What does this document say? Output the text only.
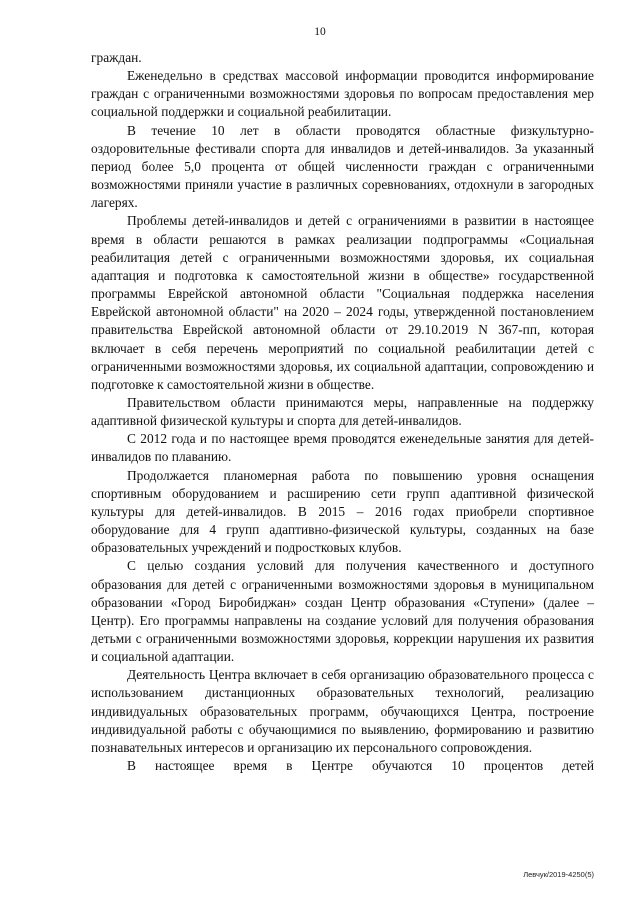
10

граждан.

Еженедельно в средствах массовой информации проводится информирование граждан с ограниченными возможностями здоровья по вопросам предоставления мер социальной поддержки и социальной реабилитации.

В течение 10 лет в области проводятся областные физкультурно-оздоровительные фестивали спорта для инвалидов и детей-инвалидов. За указанный период более 5,0 процента от общей численности граждан с ограниченными возможностями приняли участие в различных соревнованиях, отдохнули в загородных лагерях.

Проблемы детей-инвалидов и детей с ограничениями в развитии в настоящее время в области решаются в рамках реализации подпрограммы «Социальная реабилитация детей с ограниченными возможностями здоровья, их социальная адаптация и подготовка к самостоятельной жизни в обществе» государственной программы Еврейской автономной области "Социальная поддержка населения Еврейской автономной области" на 2020 – 2024 годы, утвержденной постановлением правительства Еврейской автономной области от 29.10.2019 N 367-пп, которая включает в себя перечень мероприятий по социальной реабилитации детей с ограниченными возможностями здоровья, их социальной адаптации, сопровождению и подготовке к самостоятельной жизни в обществе.

Правительством области принимаются меры, направленные на поддержку адаптивной физической культуры и спорта для детей-инвалидов.

С 2012 года и по настоящее время проводятся еженедельные занятия для детей-инвалидов по плаванию.

Продолжается планомерная работа по повышению уровня оснащения спортивным оборудованием и расширению сети групп адаптивной физической культуры для детей-инвалидов. В 2015 – 2016 годах приобрели спортивное оборудование для 4 групп адаптивно-физической культуры, созданных на базе образовательных учреждений и подростковых клубов.

С целью создания условий для получения качественного и доступного образования для детей с ограниченными возможностями здоровья в муниципальном образовании «Город Биробиджан» создан Центр образования «Ступени» (далее – Центр). Его программы направлены на создание условий для получения образования детьми с ограниченными возможностями здоровья, коррекции нарушения их развития и социальной адаптации.

Деятельность Центра включает в себя организацию образовательного процесса с использованием дистанционных образовательных технологий, реализацию индивидуальных образовательных программ, обучающихся Центра, построение индивидуальной работы с обучающимися по выявлению, формированию и развитию познавательных интересов и организацию их персонального сопровождения.

В настоящее время в Центре обучаются 10 процентов детей

Левчук/2019-4250(5)
